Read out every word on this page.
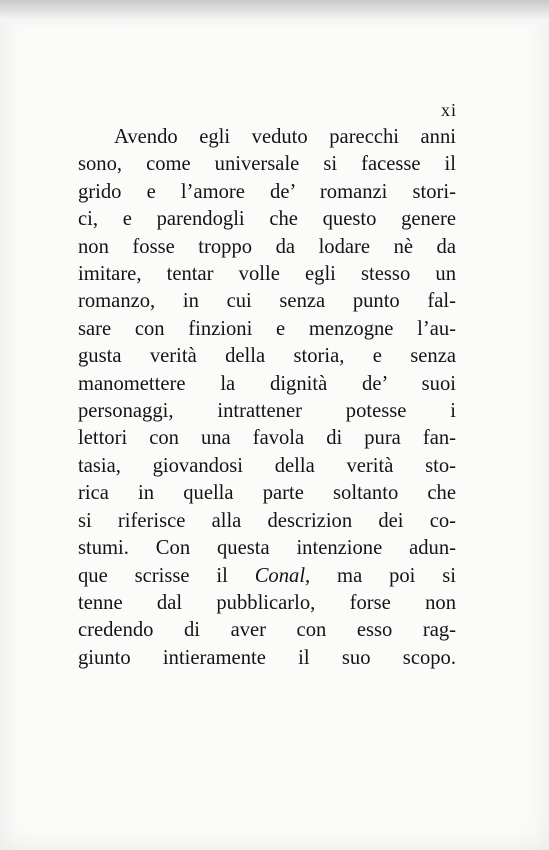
xi
Avendo egli veduto parecchi anni
sono, come universale si facesse il
grido e l’amore de’ romanzi stori-
ci, e parendogli che questo genere
non fosse troppo da lodare nè da
imitare, tentar volle egli stesso un
romanzo, in cui senza punto fal-
sare con finzioni e menzogne l’au-
gusta verità della storia, e senza
manomettere la dignità de’ suoi
personaggi, intrattener potesse i
lettori con una favola di pura fan-
tasia, giovandosi della verità sto-
rica in quella parte soltanto che
si riferisce alla descrizion dei co-
stumi. Con questa intenzione adun-
que scrisse il Conal, ma poi si
tenne dal pubblicarlo, forse non
credendo di aver con esso rag-
giunto intieramente il suo scopo.
